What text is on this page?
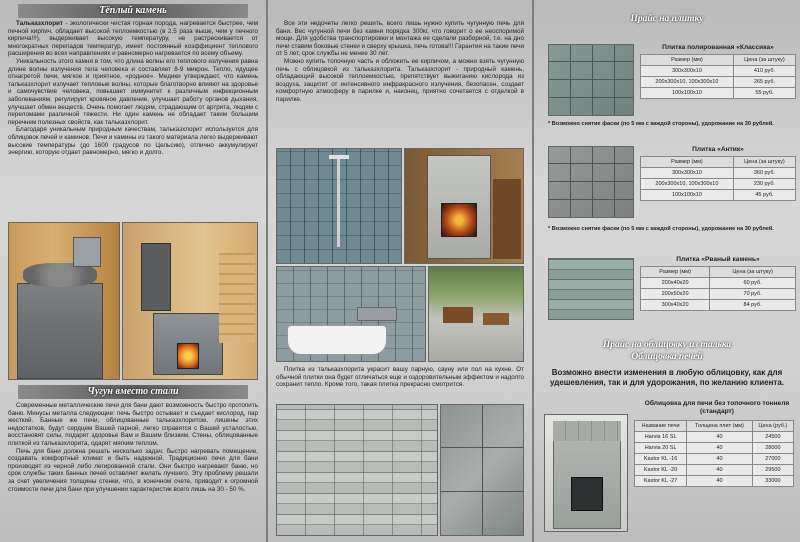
Тёплый камень

Тальказхлорит - экологически чистая горная порода, нагревается быстрее, чем печной кирпич, обладает высокой теплоемкостью (в 2,5 раза выше, чем у печного кирпича!!!), выдерживает высокую температуру, не растрескивается от многократных перепадов температур, имеет постоянный коэффициент теплового расширения во всех направлениях и равномерно нагревается по всему объему.

Уникальность этого камня в том, что длина волны его теплового излучения равна длине волны излучения тела человека и составляет 8-9 микрон. Тепло, идущее отнагретой печи, мягкое и приятное, «родное». Медики утверждают, что камень тальказхлорит излучает тепловые волны, которые благотворно влияют на здоровье и самочувствие человека, повышает иммунитет к различным инфекционным заболеваниям, регулирует кровяное давление, улучшает работу органов дыхания, улучшает обмен веществ. Очень помогает людям, страдающим от артрита, людям с переломами различной тяжести. Ни один камень не обладает таким большим перечнем полезных свойств, как тальказхлорит.

Благодаря уникальным природным качествам, тальказхлорит используется для облицовок печей и каминов. Печи и камины из такого материала легко выдерживают высокие температуры (до 1600 градусов по Цельсию), отлично аккумулирует энергию, которую отдает равномерно, мягко и долго.

Чугун вместо стали

Современные металлические печи для бани дают возможность быстро протопить баню. Минусы металла следующие: печь быстро остывает и съедает кислород, пар жесткий. Банные же печи, облицованные тальказхлоритом, лишены этих недостатков, будут сердцем Вашей парной, легко справятся с Вашей усталостью, восстановят силы, подарят здоровье Вам и Вашим близким. Стены, облицованные плиткой из тальказхлорита, одарят мягким теплом.

Печь для бани должна решать несколько задач: быстро нагревать помещение, создавать комфортный климат и быть надежной. Традиционно печи для бани производят из черной либо легированной стали. Они быстро нагревают баню, но срок службы таких банных печей оставляет желать лучшего. Эту проблему решали за счет увеличения толщины стенки, что, в конечном счете, приводит к огромной стоимости печи для бани при улучшении характеристик всего лишь на 30 - 50 %.

Все эти недочеты легко решить, всего лишь нужно купить чугунную печь для бани. Вес чугунной печи без камня порядка 300кг, что говорит о ее неоспоримой мощи. Для удобства транспортировки и монтажа ее сделали разборной, т.е. на дно печи ставим боковые стенки и сверху крышка, печь готова!!! Гарантия на такие печи от 5 лет, срок службы не менее 30 лет.

Можно купить топочную часть и обложить ее кирпичом, а можно взять чугунную печь с облицовкой из тальказхлорита. Тальказхлорит - природный камень, обладающий высокой теплоемкостью, препятствует выжиганию кислорода из воздуха, защитит от интенсивного инфракрасного излучения, безопасен, создает комфортную атмосферу в парилке и, наконец, приятно сочетается с отделкой в парилке.

Плитка из тальказхлорита украсит вашу парную, сауну или пол на кухне. От обычной плитки она будет отличаться еще и оздоровительным эффектом и надолго сохранит тепло. Кроме того, такая плитка прекрасно смотрится.

Прайс на плитку
Плитка полированная «Классика»
Размер (мм)	Цена (за штуку)
300x300x10	410 руб.
200x300x10, 100x300x10	265 руб.
100x100x10	55 руб.
* Возможно снятие фаски (по 5 мм с каждой стороны), удорожание на 30 рублей.
Плитка «Антик»
Размер (мм)	Цена (за штуку)
300x300x10	360 руб.
200x300x10, 100x300x10	230 руб.
100x100x10	45 руб.
* Возможно снятие фаски (по 5 мм с каждой стороны), удорожание на 30 рублей.
Плитка «Рваный камень»
Размер (мм)	Цена (за штуку)
200x40x20	60 руб.
200x50x20	70 руб.
300x40x20	84 руб.
Прайс на облицовку из талька
Облицовка печей
Возможно внести изменения в любую облицовку, как для удешевления, так и для удорожания, по желанию клиента.
Облицовка для печи без топочного тоннеля (стандарт)
Название печи	Толщина плит (мм)	Цена (руб.)
Harvia 16 SL	40	24500
Harvia 20 SL	40	28000
Kastor KL -16	40	27000
Kastor KL -20	40	29500
Kastor KL -27	40	33000
